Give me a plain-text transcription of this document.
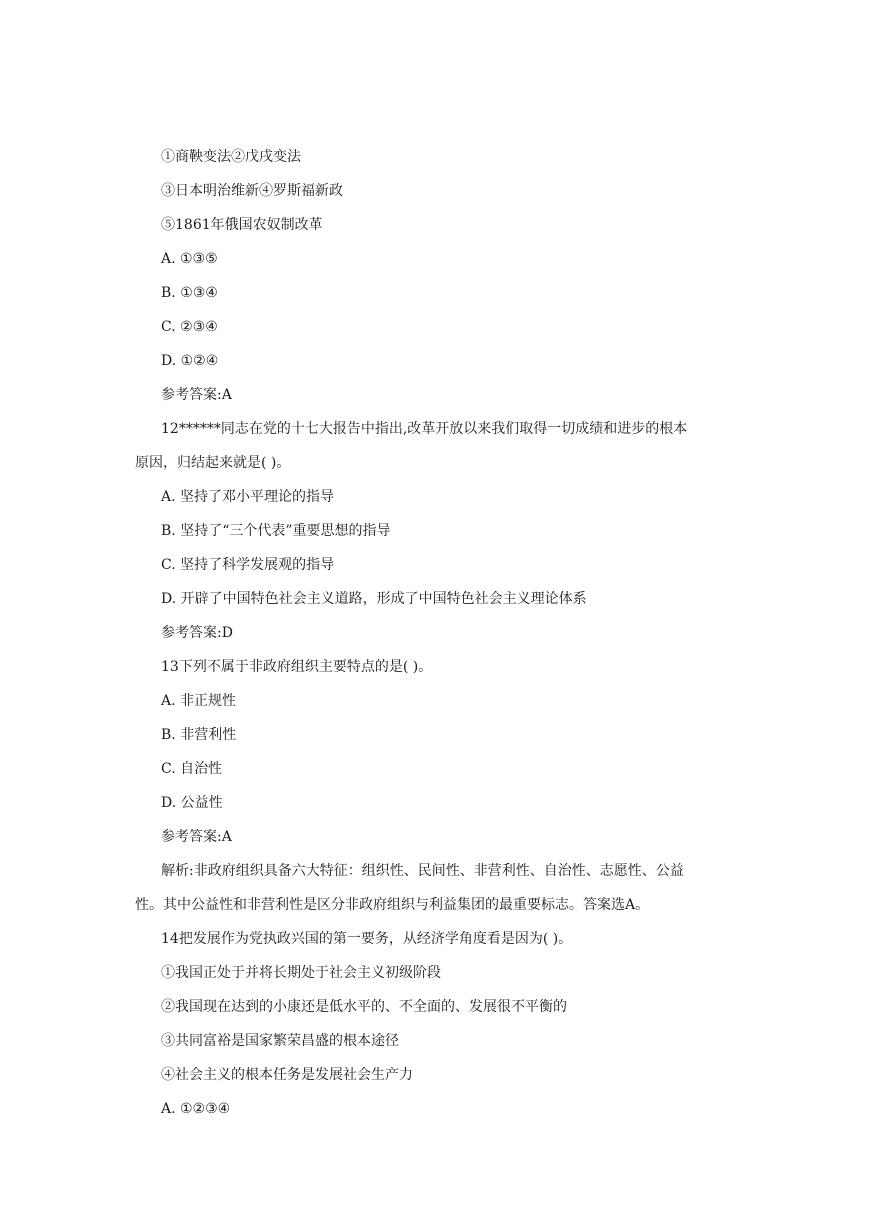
①商鞅变法②戊戌变法
③日本明治维新④罗斯福新政
⑤1861年俄国农奴制改革
A. ①③⑤
B. ①③④
C. ②③④
D. ①②④
参考答案:A
12******同志在党的十七大报告中指出,改革开放以来我们取得一切成绩和进步的根本
原因，归结起来就是( )。
A. 坚持了邓小平理论的指导
B. 坚持了“三个代表”重要思想的指导
C. 坚持了科学发展观的指导
D. 开辟了中国特色社会主义道路，形成了中国特色社会主义理论体系
参考答案:D
13下列不属于非政府组织主要特点的是( )。
A. 非正规性
B. 非营利性
C. 自治性
D. 公益性
参考答案:A
解析:非政府组织具备六大特征：组织性、民间性、非营利性、自治性、志愿性、公益
性。其中公益性和非营利性是区分非政府组织与利益集团的最重要标志。答案选A。
14把发展作为党执政兴国的第一要务，从经济学角度看是因为( )。
①我国正处于并将长期处于社会主义初级阶段
②我国现在达到的小康还是低水平的、不全面的、发展很不平衡的
③共同富裕是国家繁荣昌盛的根本途径
④社会主义的根本任务是发展社会生产力
A. ①②③④
